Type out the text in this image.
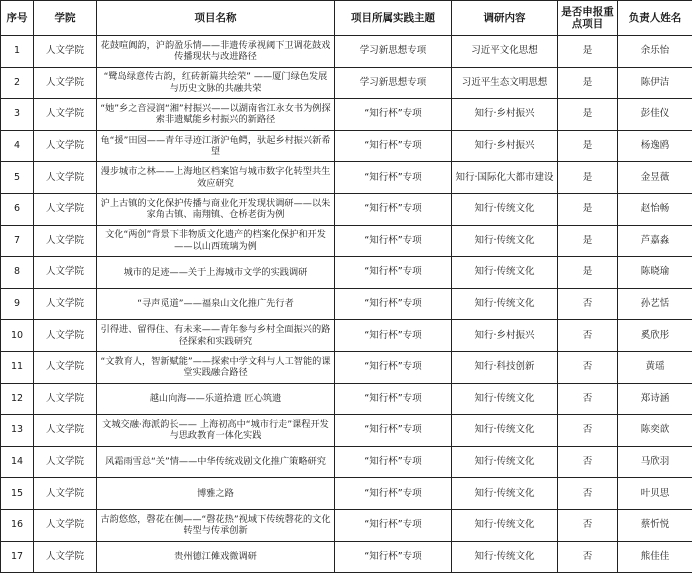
序号	学院	项目名称	项目所属实践主题	调研内容	是否申报重点项目	负责人姓名
1	人文学院	花鼓喧阗韵，沪韵盈乐情——非遗传承视阈下卫调花鼓戏传播现状与改进路径	学习新思想专项	习近平文化思想	是	余乐怡
2	人文学院	“鹭岛绿意传古韵，红砖新篇共绘荣” ——厦门绿色发展与历史文脉的共融共荣	学习新思想专项	习近平生态文明思想	是	陈伊洁
3	人文学院	“她”乡之音浸润“湘”村振兴——以湖南省江永女书为例探索非遗赋能乡村振兴的新路径	“知行杯”专项	知行·乡村振兴	是	彭佳仪
4	人文学院	龟“援”田园——青年寻迹江浙沪龟鳄，驮起乡村振兴新希望	“知行杯”专项	知行·乡村振兴	是	杨逸鸥
5	人文学院	漫步城市之林——上海地区档案馆与城市数字化转型共生效应研究	“知行杯”专项	知行·国际化大都市建设	是	金昱薇
6	人文学院	沪上古镇的文化保护传播与商业化开发现状调研——以朱家角古镇、南翔镇、仓桥老街为例	“知行杯”专项	知行·传统文化	是	赵怡畅
7	人文学院	文化“两创”背景下非物质文化遗产的档案化保护和开发——以山西琉璃为例	“知行杯”专项	知行·传统文化	是	芦嘉淼
8	人文学院	城市的足迹——关于上海城市文学的实践调研	“知行杯”专项	知行·传统文化	是	陈晓瑜
9	人文学院	“寻声觅道”——福泉山文化推广先行者	“知行杯”专项	知行·传统文化	否	孙艺恬
10	人文学院	引得进、留得住、有未来——青年参与乡村全面振兴的路径探索和实践研究	“知行杯”专项	知行·乡村振兴	否	奚欣彤
11	人文学院	“文教育人，智新赋能”——探索中学文科与人工智能的课堂实践融合路径	“知行杯”专项	知行·科技创新	否	黄瑶
12	人文学院	越山向海——乐道拾遗 匠心筑遗	“知行杯”专项	知行·传统文化	否	郑诗涵
13	人文学院	文城交融·海派韵长—— 上海初高中“城市行走”课程开发与思政教育一体化实践	“知行杯”专项	知行·传统文化	否	陈奕歆
14	人文学院	风霜雨雪总“关”情——中华传统戏剧文化推广策略研究	“知行杯”专项	知行·传统文化	否	马欣羽
15	人文学院	博雅之路	“知行杯”专项	知行·传统文化	否	叶贝思
16	人文学院	古韵悠悠，磬花在侧——“磬花热”视域下传统磬花的文化转型与传承创新	“知行杯”专项	知行·传统文化	否	蔡忻悦
17	人文学院	贵州德江傩戏微调研	“知行杯”专项	知行·传统文化	否	熊佳佳
